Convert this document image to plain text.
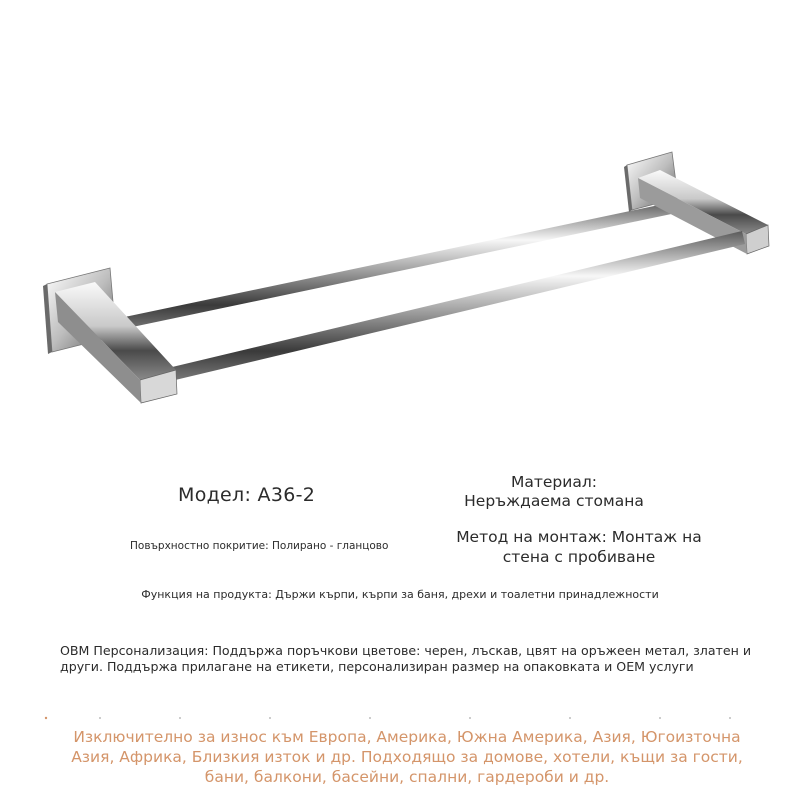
Модел: A36-2
Материал:
Неръждаема стомана
Метод на монтаж: Монтаж на стена с пробиване
Повърхностно покритие: Полирано - гланцово
Функция на продукта: Държи кърпи, кърпи за баня, дрехи и тоалетни принадлежности
OBM Персонализация: Поддържа поръчкови цветове: черен, лъскав, цвят на оръжеен метал, златен и други. Поддържа прилагане на етикети, персонализиран размер на опаковката и OEM услуги
Изключително за износ към Европа, Америка, Южна Америка, Азия, Югоизточна Азия, Африка, Близкия изток и др. Подходящо за домове, хотели, къщи за гости, бани, балкони, басейни, спални, гардероби и др.
